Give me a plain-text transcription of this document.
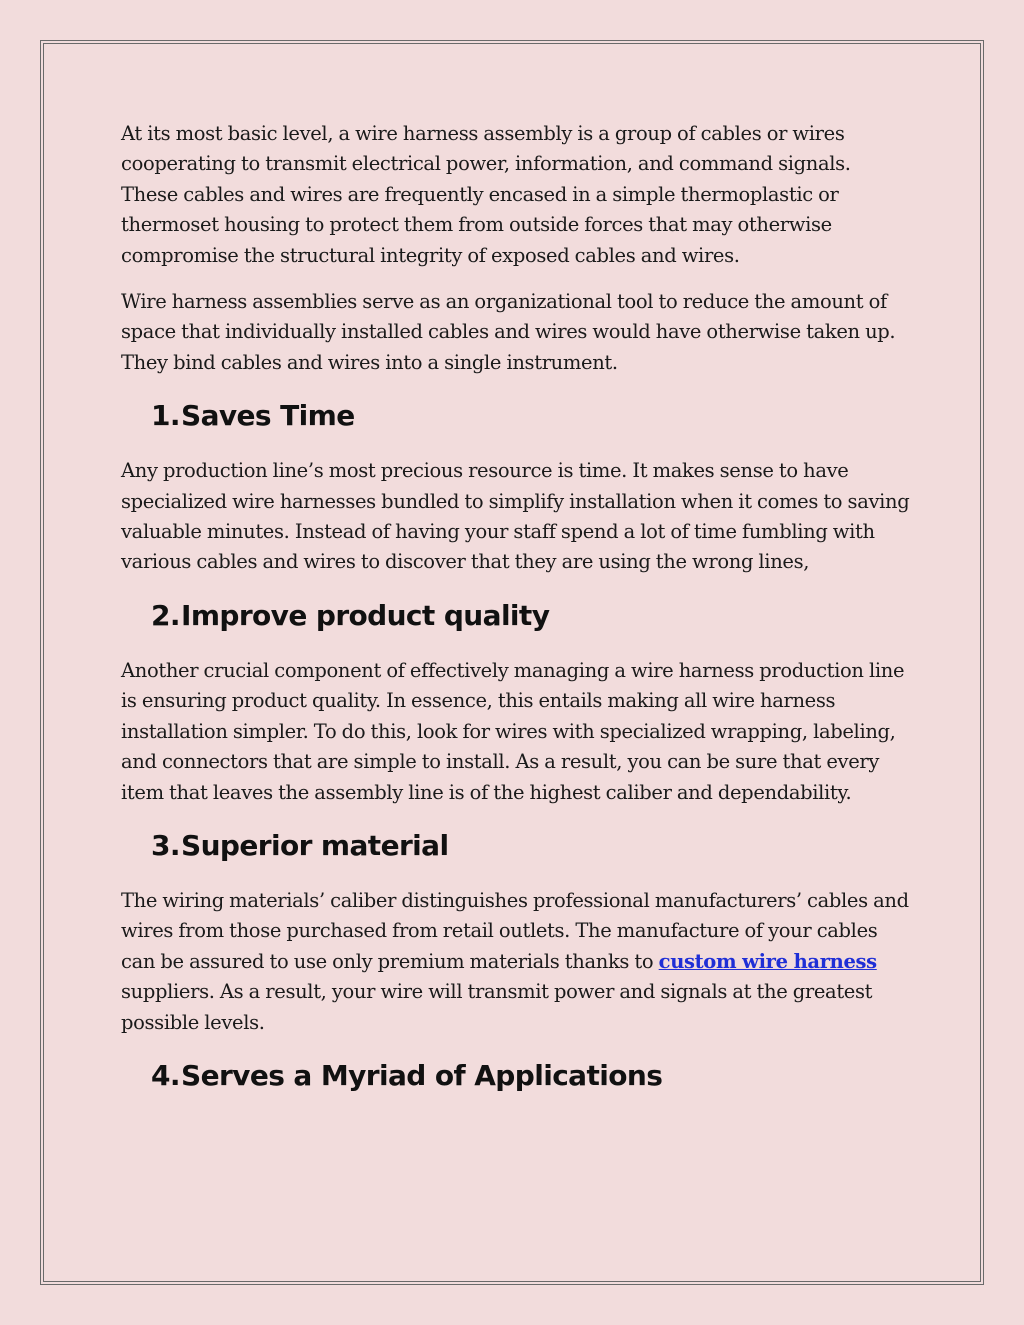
At its most basic level, a wire harness assembly is a group of cables or wires cooperating to transmit electrical power, information, and command signals. These cables and wires are frequently encased in a simple thermoplastic or thermoset housing to protect them from outside forces that may otherwise compromise the structural integrity of exposed cables and wires.

Wire harness assemblies serve as an organizational tool to reduce the amount of space that individually installed cables and wires would have otherwise taken up. They bind cables and wires into a single instrument.

1. Saves Time

Any production line’s most precious resource is time. It makes sense to have specialized wire harnesses bundled to simplify installation when it comes to saving valuable minutes. Instead of having your staff spend a lot of time fumbling with various cables and wires to discover that they are using the wrong lines,

2. Improve product quality

Another crucial component of effectively managing a wire harness production line is ensuring product quality. In essence, this entails making all wire harness installation simpler. To do this, look for wires with specialized wrapping, labeling, and connectors that are simple to install. As a result, you can be sure that every item that leaves the assembly line is of the highest caliber and dependability.

3. Superior material

The wiring materials’ caliber distinguishes professional manufacturers’ cables and wires from those purchased from retail outlets. The manufacture of your cables can be assured to use only premium materials thanks to custom wire harness suppliers. As a result, your wire will transmit power and signals at the greatest possible levels.

4. Serves a Myriad of Applications
